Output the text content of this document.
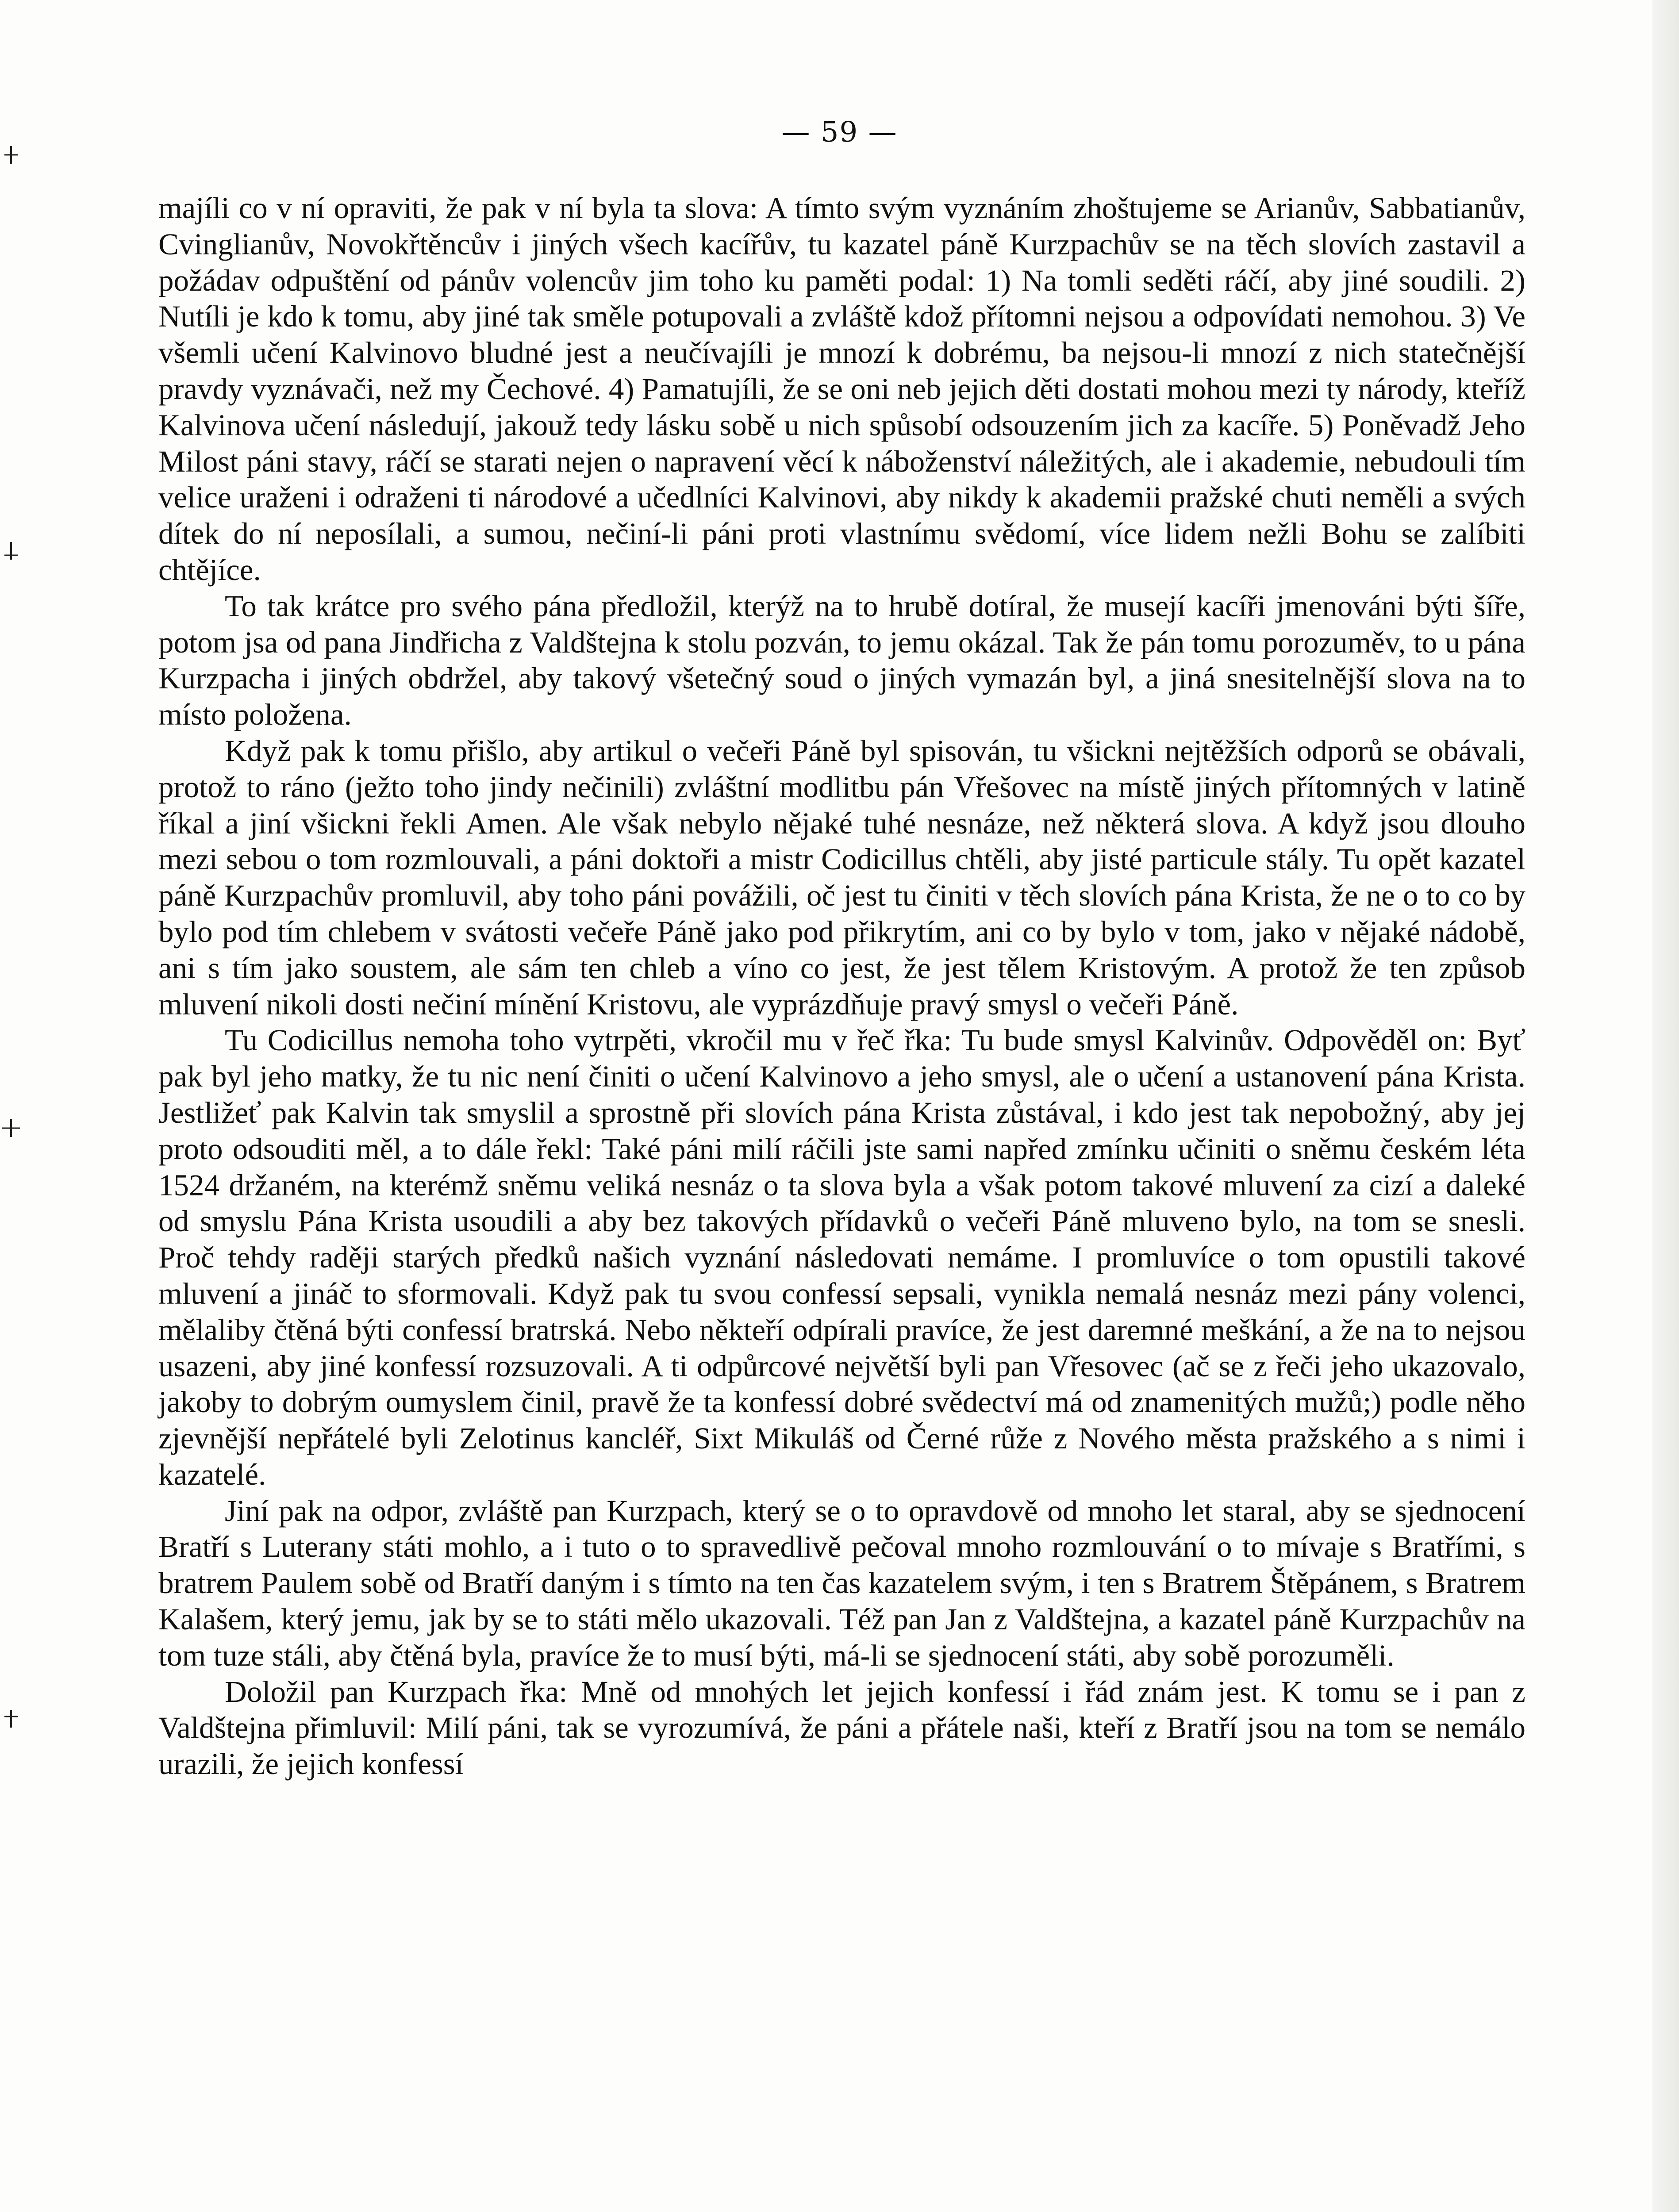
— 59 —

majíli co v ní opraviti, že pak v ní byla ta slova: A tímto svým vyznáním zhoštujeme se Arianův, Sabbatianův, Cvinglianův, Novokřtěncův i jiných všech kacířův, tu kazatel páně Kurzpachův se na těch slovích zastavil a požádav odpuštění od pánův volencův jim toho ku paměti podal: 1) Na tomli seděti ráčí, aby jiné soudili. 2) Nutíli je kdo k tomu, aby jiné tak směle potupovali a zvláště kdož přítomni nejsou a odpovídati nemohou. 3) Ve všemli učení Kalvinovo bludné jest a neučívajíli je mnozí k dobrému, ba nejsou-li mnozí z nich statečnější pravdy vyznávači, než my Čechové. 4) Pamatujíli, že se oni neb jejich děti dostati mohou mezi ty národy, kteříž Kalvinova učení následují, jakouž tedy lásku sobě u nich spůsobí odsouzením jich za kacíře. 5) Poněvadž Jeho Milost páni stavy, ráčí se starati nejen o napravení věcí k náboženství náležitých, ale i akademie, nebudouli tím velice uraženi i odraženi ti národové a učedlníci Kalvinovi, aby nikdy k akademii pražské chuti neměli a svých dítek do ní neposílali, a sumou, nečiní-li páni proti vlastnímu svědomí, více lidem nežli Bohu se zalíbiti chtějíce.

To tak krátce pro svého pána předložil, kterýž na to hrubě dotíral, že musejí kacíři jmenováni býti šíře, potom jsa od pana Jindřicha z Valdštejna k stolu pozván, to jemu okázal. Tak že pán tomu porozuměv, to u pána Kurzpacha i jiných obdržel, aby takový všetečný soud o jiných vymazán byl, a jiná snesitelnější slova na to místo položena.

Když pak k tomu přišlo, aby artikul o večeři Páně byl spisován, tu všickni nejtěžších odporů se obávali, protož to ráno (ježto toho jindy nečinili) zvláštní modlitbu pán Vřešovec na místě jiných přítomných v latině říkal a jiní všickni řekli Amen. Ale však nebylo nějaké tuhé nesnáze, než některá slova. A když jsou dlouho mezi sebou o tom rozmlouvali, a páni doktoři a mistr Codicillus chtěli, aby jisté particule stály. Tu opět kazatel páně Kurzpachův promluvil, aby toho páni povážili, oč jest tu činiti v těch slovích pána Krista, že ne o to co by bylo pod tím chlebem v svátosti večeře Páně jako pod přikrytím, ani co by bylo v tom, jako v nějaké nádobě, ani s tím jako soustem, ale sám ten chleb a víno co jest, že jest tělem Kristovým. A protož že ten způsob mluvení nikoli dosti nečiní mínění Kristovu, ale vyprázdňuje pravý smysl o večeři Páně.

Tu Codicillus nemoha toho vytrpěti, vkročil mu v řeč řka: Tu bude smysl Kalvinův. Odpověděl on: Byť pak byl jeho matky, že tu nic není činiti o učení Kalvinovo a jeho smysl, ale o učení a ustanovení pána Krista. Jestližeť pak Kalvin tak smyslil a sprostně při slovích pána Krista zůstával, i kdo jest tak nepobožný, aby jej proto odsouditi měl, a to dále řekl: Také páni milí ráčili jste sami napřed zmínku učiniti o sněmu českém léta 1524 držaném, na kterémž sněmu veliká nesnáz o ta slova byla a však potom takové mluvení za cizí a daleké od smyslu Pána Krista usoudili a aby bez takových přídavků o večeři Páně mluveno bylo, na tom se snesli. Proč tehdy raději starých předků našich vyznání následovati nemáme. I promluvíce o tom opustili takové mluvení a jináč to sformovali. Když pak tu svou confessí sepsali, vynikla nemalá nesnáz mezi pány volenci, mělaliby čtěná býti confessí bratrská. Nebo někteří odpírali pravíce, že jest daremné meškání, a že na to nejsou usazeni, aby jiné konfessí rozsuzovali. A ti odpůrcové největší byli pan Vřesovec (ač se z řeči jeho ukazovalo, jakoby to dobrým oumyslem činil, pravě že ta konfessí dobré svědectví má od znamenitých mužů;) podle něho zjevnější nepřátelé byli Zelotinus kancléř, Sixt Mikuláš od Černé růže z Nového města pražského a s nimi i kazatelé.

Jiní pak na odpor, zvláště pan Kurzpach, který se o to opravdově od mnoho let staral, aby se sjednocení Bratří s Luterany státi mohlo, a i tuto o to spravedlivě pečoval mnoho rozmlouvání o to mívaje s Bratřími, s bratrem Paulem sobě od Bratří daným i s tímto na ten čas kazatelem svým, i ten s Bratrem Štěpánem, s Bratrem Kalašem, který jemu, jak by se to státi mělo ukazovali. Též pan Jan z Valdštejna, a kazatel páně Kurzpachův na tom tuze stáli, aby čtěná byla, pravíce že to musí býti, má-li se sjednocení státi, aby sobě porozuměli.

Doložil pan Kurzpach řka: Mně od mnohých let jejich konfessí i řád znám jest. K tomu se i pan z Valdštejna přimluvil: Milí páni, tak se vyrozumívá, že páni a přátele naši, kteří z Bratří jsou na tom se nemálo urazili, že jejich konfessí
